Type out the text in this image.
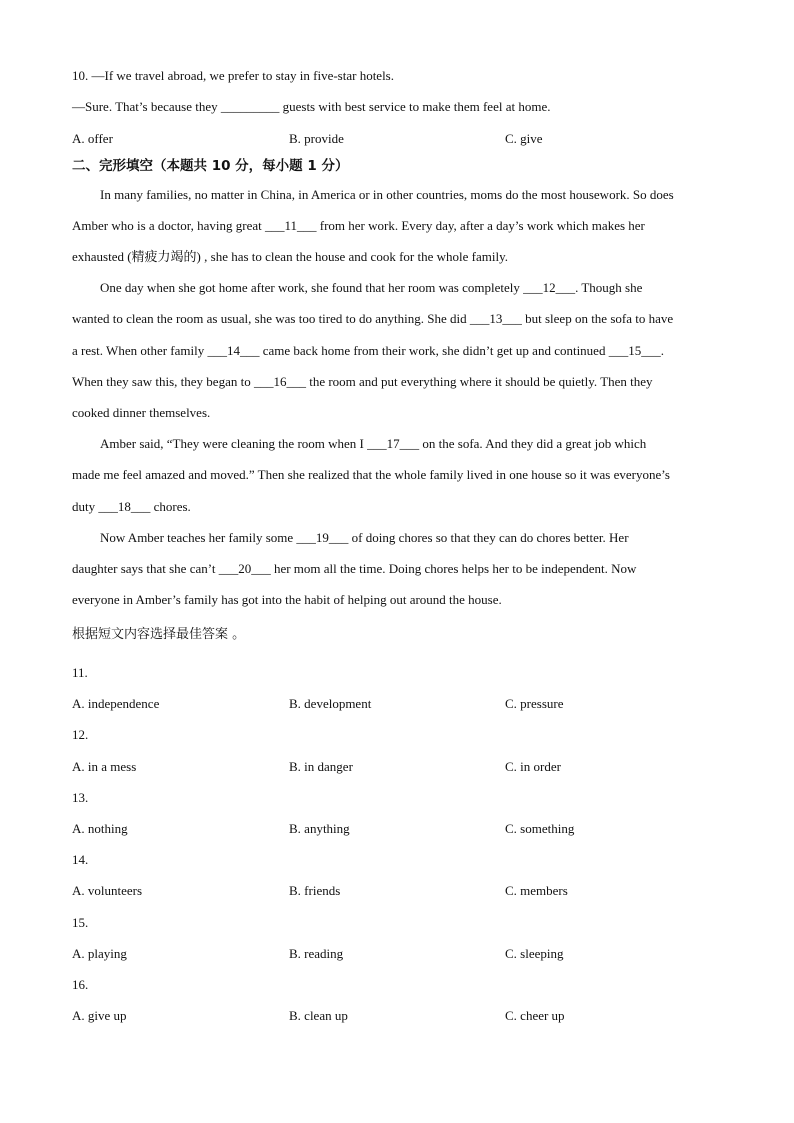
10. —If we travel abroad, we prefer to stay in five-star hotels.
—Sure. That’s because they _________ guests with best service to make them feel at home.
A. offer	B. provide	C. give
二、完形填空（本题共 10 分，每小题 1 分）
In many families, no matter in China, in America or in other countries, moms do the most housework. So does
Amber who is a doctor, having great ___11___ from her work. Every day, after a day’s work which makes her
exhausted (精疲力竭的) , she has to clean the house and cook for the whole family.
One day when she got home after work, she found that her room was completely ___12___. Though she
wanted to clean the room as usual, she was too tired to do anything. She did ___13___ but sleep on the sofa to have
a rest. When other family ___14___ came back home from their work, she didn’t get up and continued ___15___.
When they saw this, they began to ___16___ the room and put everything where it should be quietly. Then they
cooked dinner themselves.
Amber said, “They were cleaning the room when I ___17___ on the sofa. And they did a great job which
made me feel amazed and moved.” Then she realized that the whole family lived in one house so it was everyone’s
duty ___18___ chores.
Now Amber teaches her family some ___19___ of doing chores so that they can do chores better. Her
daughter says that she can’t ___20___ her mom all the time. Doing chores helps her to be independent. Now
everyone in Amber’s family has got into the habit of helping out around the house.
根据短文内容选择最佳答案 。
11.
A. independence	B. development	C. pressure
12.
A. in a mess	B. in danger	C. in order
13.
A. nothing	B. anything	C. something
14.
A. volunteers	B. friends	C. members
15.
A. playing	B. reading	C. sleeping
16.
A. give up	B. clean up	C. cheer up
